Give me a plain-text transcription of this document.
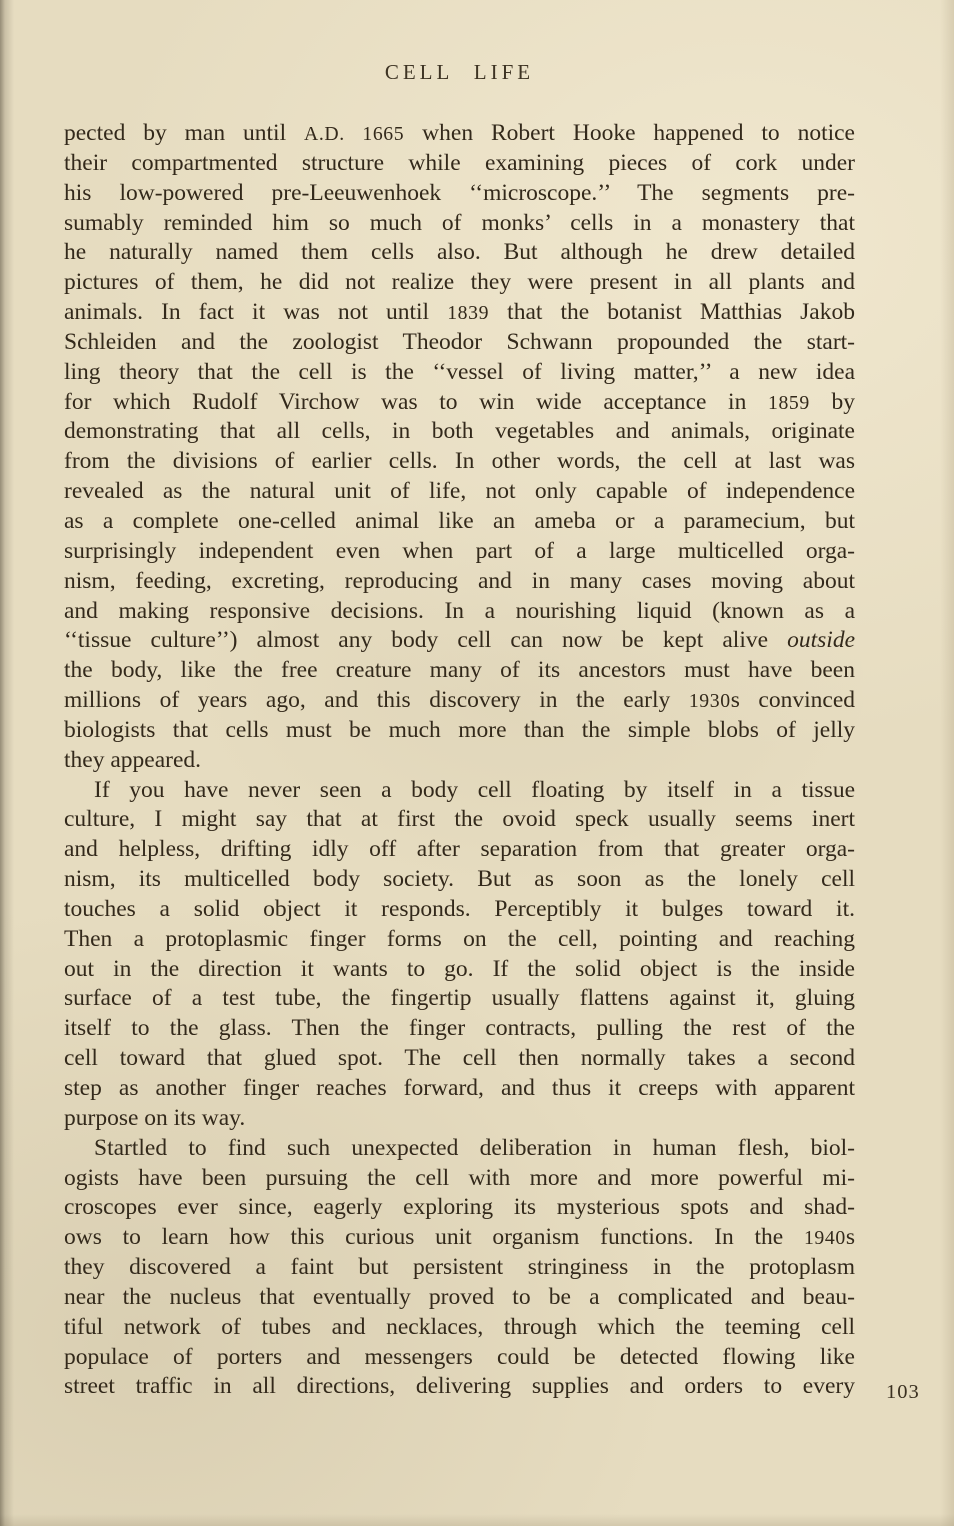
CELL LIFE
pected by man until A.D. 1665 when Robert Hooke happened to notice
their compartmented structure while examining pieces of cork under
his low-powered pre-Leeuwenhoek ‘‘microscope.’’ The segments pre-
sumably reminded him so much of monks’ cells in a monastery that
he naturally named them cells also. But although he drew detailed
pictures of them, he did not realize they were present in all plants and
animals. In fact it was not until 1839 that the botanist Matthias Jakob
Schleiden and the zoologist Theodor Schwann propounded the start-
ling theory that the cell is the ‘‘vessel of living matter,’’ a new idea
for which Rudolf Virchow was to win wide acceptance in 1859 by
demonstrating that all cells, in both vegetables and animals, originate
from the divisions of earlier cells. In other words, the cell at last was
revealed as the natural unit of life, not only capable of independence
as a complete one-celled animal like an ameba or a paramecium, but
surprisingly independent even when part of a large multicelled orga-
nism, feeding, excreting, reproducing and in many cases moving about
and making responsive decisions. In a nourishing liquid (known as a
‘‘tissue culture’’) almost any body cell can now be kept alive outside
the body, like the free creature many of its ancestors must have been
millions of years ago, and this discovery in the early 1930s convinced
biologists that cells must be much more than the simple blobs of jelly
they appeared.
If you have never seen a body cell floating by itself in a tissue
culture, I might say that at first the ovoid speck usually seems inert
and helpless, drifting idly off after separation from that greater orga-
nism, its multicelled body society. But as soon as the lonely cell
touches a solid object it responds. Perceptibly it bulges toward it.
Then a protoplasmic finger forms on the cell, pointing and reaching
out in the direction it wants to go. If the solid object is the inside
surface of a test tube, the fingertip usually flattens against it, gluing
itself to the glass. Then the finger contracts, pulling the rest of the
cell toward that glued spot. The cell then normally takes a second
step as another finger reaches forward, and thus it creeps with apparent
purpose on its way.
Startled to find such unexpected deliberation in human flesh, biol-
ogists have been pursuing the cell with more and more powerful mi-
croscopes ever since, eagerly exploring its mysterious spots and shad-
ows to learn how this curious unit organism functions. In the 1940s
they discovered a faint but persistent stringiness in the protoplasm
near the nucleus that eventually proved to be a complicated and beau-
tiful network of tubes and necklaces, through which the teeming cell
populace of porters and messengers could be detected flowing like
street traffic in all directions, delivering supplies and orders to every 103
